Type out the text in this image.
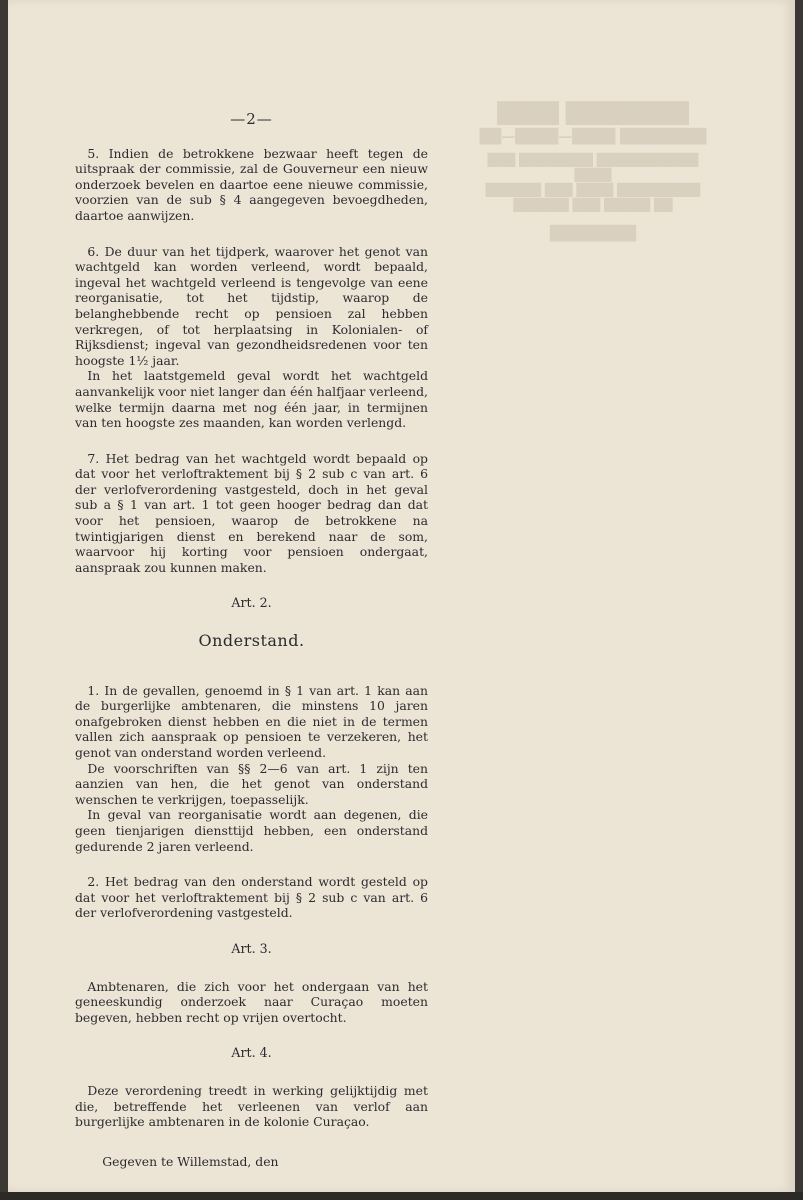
████████ ████
████████ ████—████—██
███████████ ████████ ███ ████
█████████ ████ ███ ██████
██ █████ ███ ██████
████████
—2—

5. Indien de betrokkene bezwaar heeft tegen de uitspraak der commissie, zal de Gouverneur een nieuw onderzoek bevelen en daartoe eene nieuwe commissie, voorzien van de sub § 4 aangegeven bevoegdheden, daartoe aanwijzen.

6. De duur van het tijdperk, waarover het genot van wachtgeld kan worden verleend, wordt bepaald, ingeval het wachtgeld verleend is tengevolge van eene reorganisatie, tot het tijdstip, waarop de belanghebbende recht op pensioen zal hebben verkregen, of tot herplaatsing in Kolonialen- of Rijksdienst; ingeval van gezondheidsredenen voor ten hoogste 1½ jaar.

In het laatstgemeld geval wordt het wachtgeld aanvankelijk voor niet langer dan één halfjaar verleend, welke termijn daarna met nog één jaar, in termijnen van ten hoogste zes maanden, kan worden verlengd.

7. Het bedrag van het wachtgeld wordt bepaald op dat voor het verloftraktement bij § 2 sub c van art. 6 der verlofverordening vastgesteld, doch in het geval sub a § 1 van art. 1 tot geen hooger bedrag dan dat voor het pensioen, waarop de betrokkene na twintigjarigen dienst en berekend naar de som, waarvoor hij korting voor pensioen ondergaat, aanspraak zou kunnen maken.

Art. 2.
Onderstand.

1. In de gevallen, genoemd in § 1 van art. 1 kan aan de burgerlijke ambtenaren, die minstens 10 jaren onafgebroken dienst hebben en die niet in de termen vallen zich aanspraak op pensioen te verzekeren, het genot van onderstand worden verleend.

De voorschriften van §§ 2—6 van art. 1 zijn ten aanzien van hen, die het genot van onderstand wenschen te verkrijgen, toepasselijk.

In geval van reorganisatie wordt aan degenen, die geen tienjarigen diensttijd hebben, een onderstand gedurende 2 jaren verleend.

2. Het bedrag van den onderstand wordt gesteld op dat voor het verloftraktement bij § 2 sub c van art. 6 der verlofverordening vastgesteld.

Art. 3.

Ambtenaren, die zich voor het ondergaan van het geneeskundig onderzoek naar Curaçao moeten begeven, hebben recht op vrijen overtocht.

Art. 4.

Deze verordening treedt in werking gelijktijdig met die, betreffende het verleenen van verlof aan burgerlijke ambtenaren in de kolonie Curaçao.

Gegeven te Willemstad, den
